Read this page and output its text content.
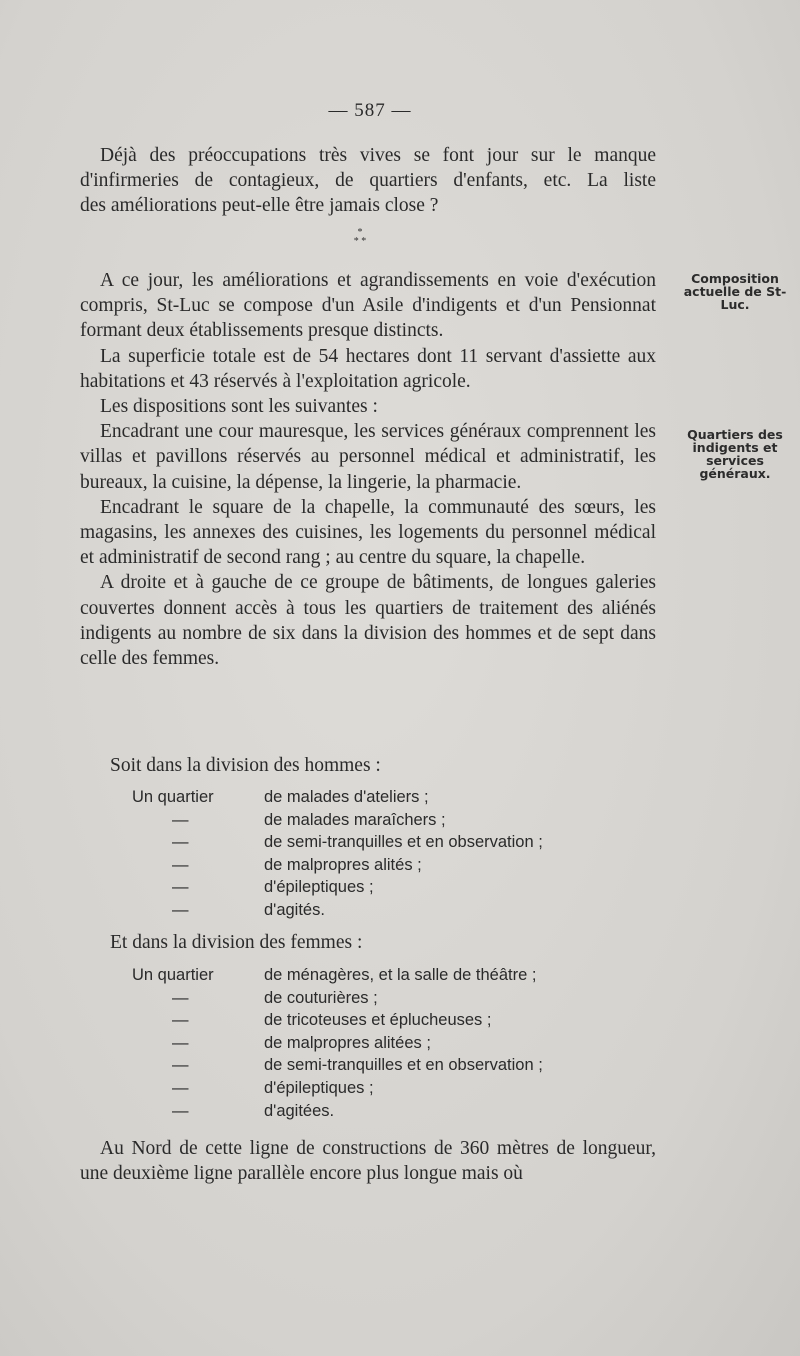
— 587 —
Déjà des préoccupations très vives se font jour sur le manque
d'infirmeries de contagieux, de quartiers d'enfants, etc. La liste
des améliorations peut-elle être jamais close ?
*
* *
Composition actuelle de St-Luc.
Quartiers des indigents et services généraux.

A ce jour, les améliorations et agrandissements en voie d'exécution compris, St-Luc se compose d'un Asile d'indigents et d'un Pensionnat formant deux établissements presque distincts.

La superficie totale est de 54 hectares dont 11 servant d'assiette aux habitations et 43 réservés à l'exploitation agricole.

Les dispositions sont les suivantes :

Encadrant une cour mauresque, les services généraux comprennent les villas et pavillons réservés au personnel médical et administratif, les bureaux, la cuisine, la dépense, la lingerie, la pharmacie.

Encadrant le square de la chapelle, la communauté des sœurs, les magasins, les annexes des cuisines, les logements du personnel médical et administratif de second rang ; au centre du square, la chapelle.

A droite et à gauche de ce groupe de bâtiments, de longues galeries couvertes donnent accès à tous les quartiers de traitement des aliénés indigents au nombre de six dans la division des hommes et de sept dans celle des femmes.

Soit dans la division des hommes :
Un quartier	de malades d'ateliers ;
—	de malades maraîchers ;
—	de semi-tranquilles et en observation ;
—	de malpropres alités ;
—	d'épileptiques ;
—	d'agités.
Et dans la division des femmes :
Un quartier	de ménagères, et la salle de théâtre ;
—	de couturières ;
—	de tricoteuses et éplucheuses ;
—	de malpropres alitées ;
—	de semi-tranquilles et en observation ;
—	d'épileptiques ;
—	d'agitées.

Au Nord de cette ligne de constructions de 360 mètres de longueur, une deuxième ligne parallèle encore plus longue mais où
